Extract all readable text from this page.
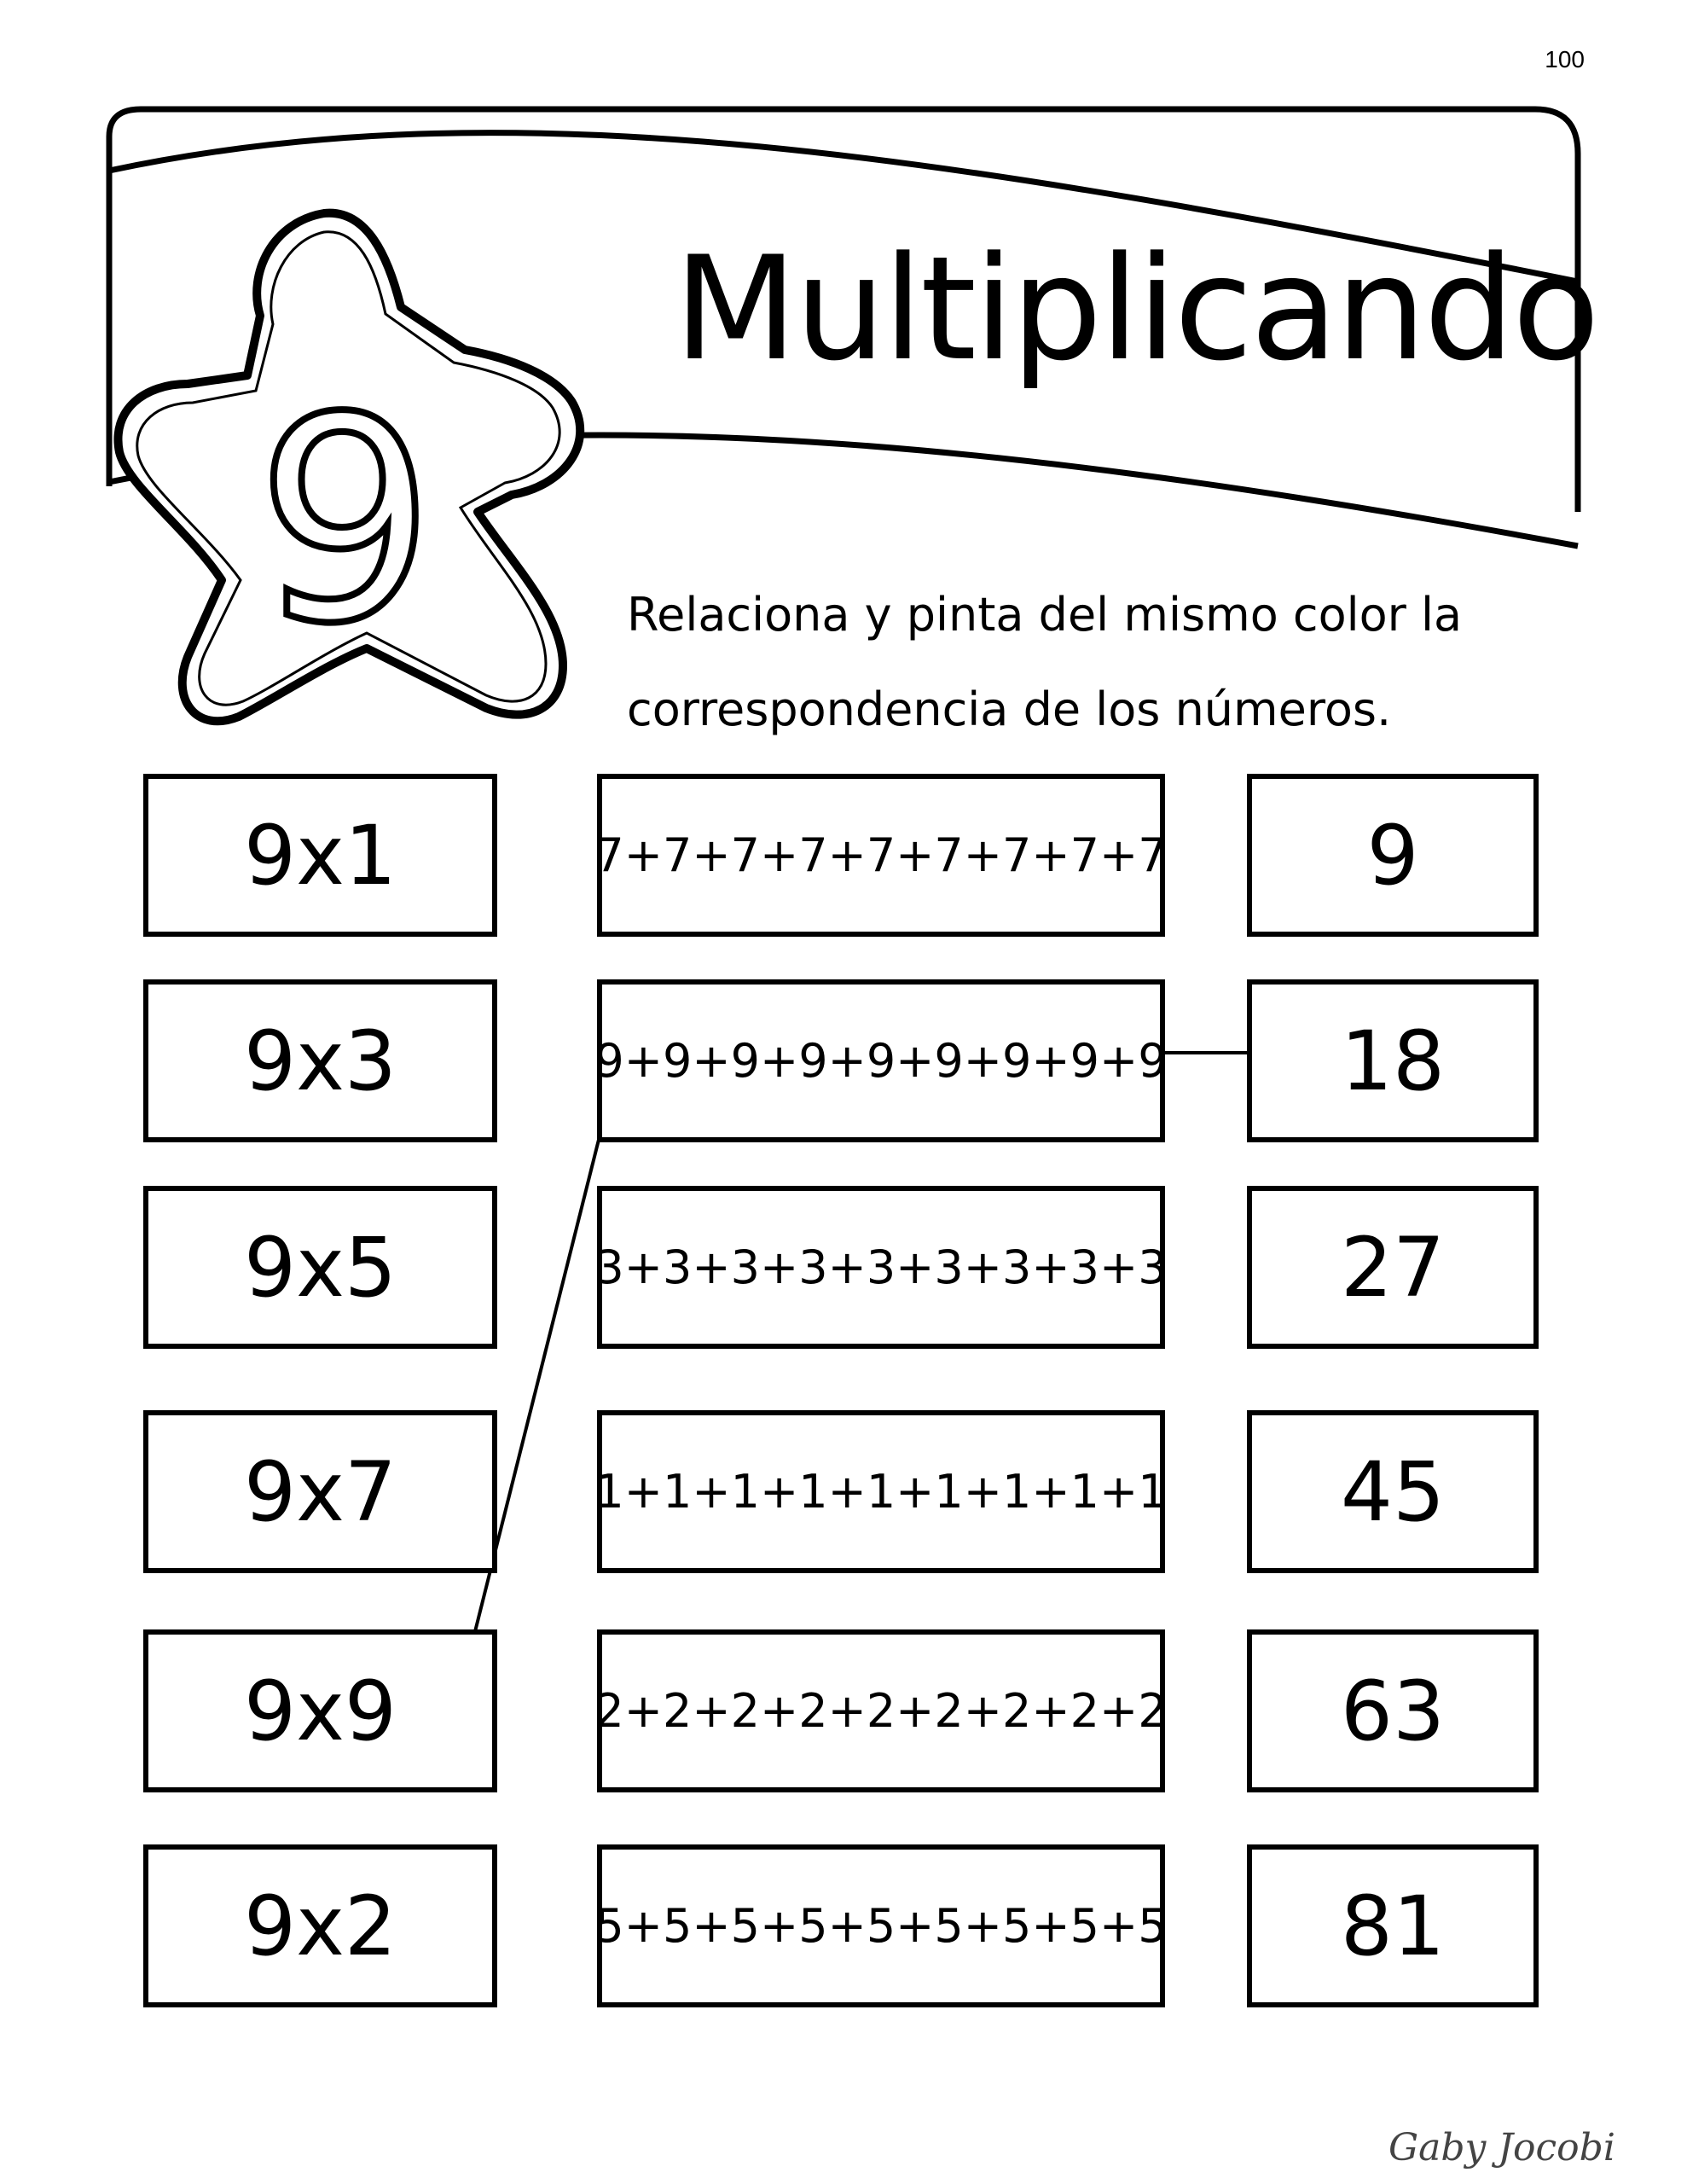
100
9
Multiplicando
Relaciona y pinta del mismo color la
correspondencia de los números.
9x1
9x3
9x5
9x7
9x9
9x2
7+7+7+7+7+7+7+7+7
9+9+9+9+9+9+9+9+9
3+3+3+3+3+3+3+3+3
1+1+1+1+1+1+1+1+1
2+2+2+2+2+2+2+2+2
5+5+5+5+5+5+5+5+5
9
18
27
45
63
81
Gaby Jocobi
